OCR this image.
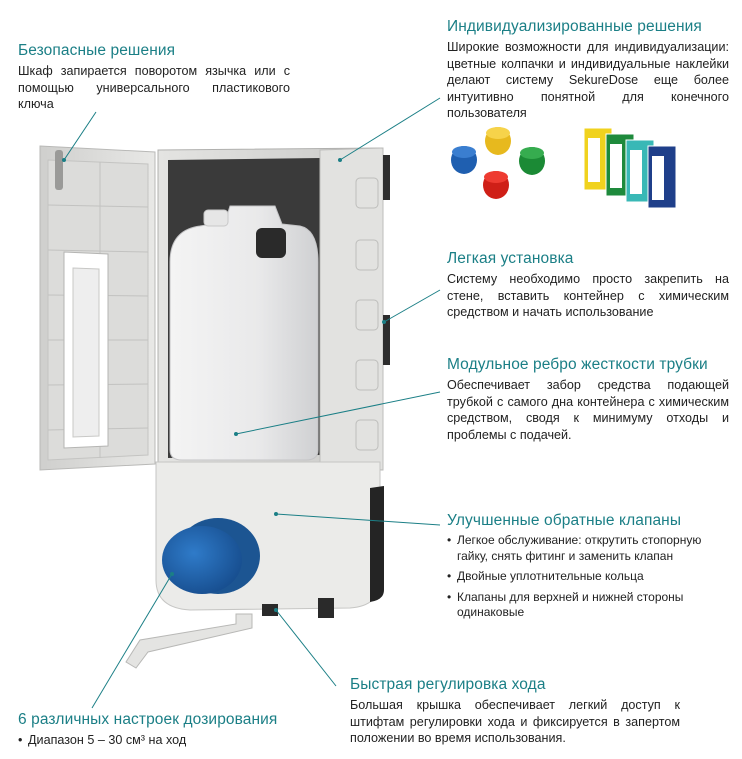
Безопасные решения

Шкаф запирается поворотом язычка или с помощью универсального пластикового ключа

Индивидуализированные решения

Широкие возможности для индивидуализации: цветные колпачки и индивидуальные наклейки делают систему SekureDose еще более интуитивно понятной для конечного пользователя

Легкая установка

Систему необходимо просто закрепить на стене, вставить контейнер с химическим средством и начать использование

Модульное ребро жесткости трубки

Обеспечивает забор средства подающей трубкой с самого дна контейнера с химическим средством, сводя к минимуму отходы и проблемы с подачей.

Улучшенные обратные клапаны
• Легкое обслуживание: открутить стопорную гайку, снять фитинг и заменить клапан
• Двойные уплотнительные кольца
• Клапаны для верхней и нижней стороны одинаковые
Быстрая регулировка хода

Большая крышка обеспечивает легкий доступ к штифтам регулировки хода и фиксируется в запертом положении во время использования.

6 различных настроек дозирования
• Диапазон 5 – 30 см³ на ход
